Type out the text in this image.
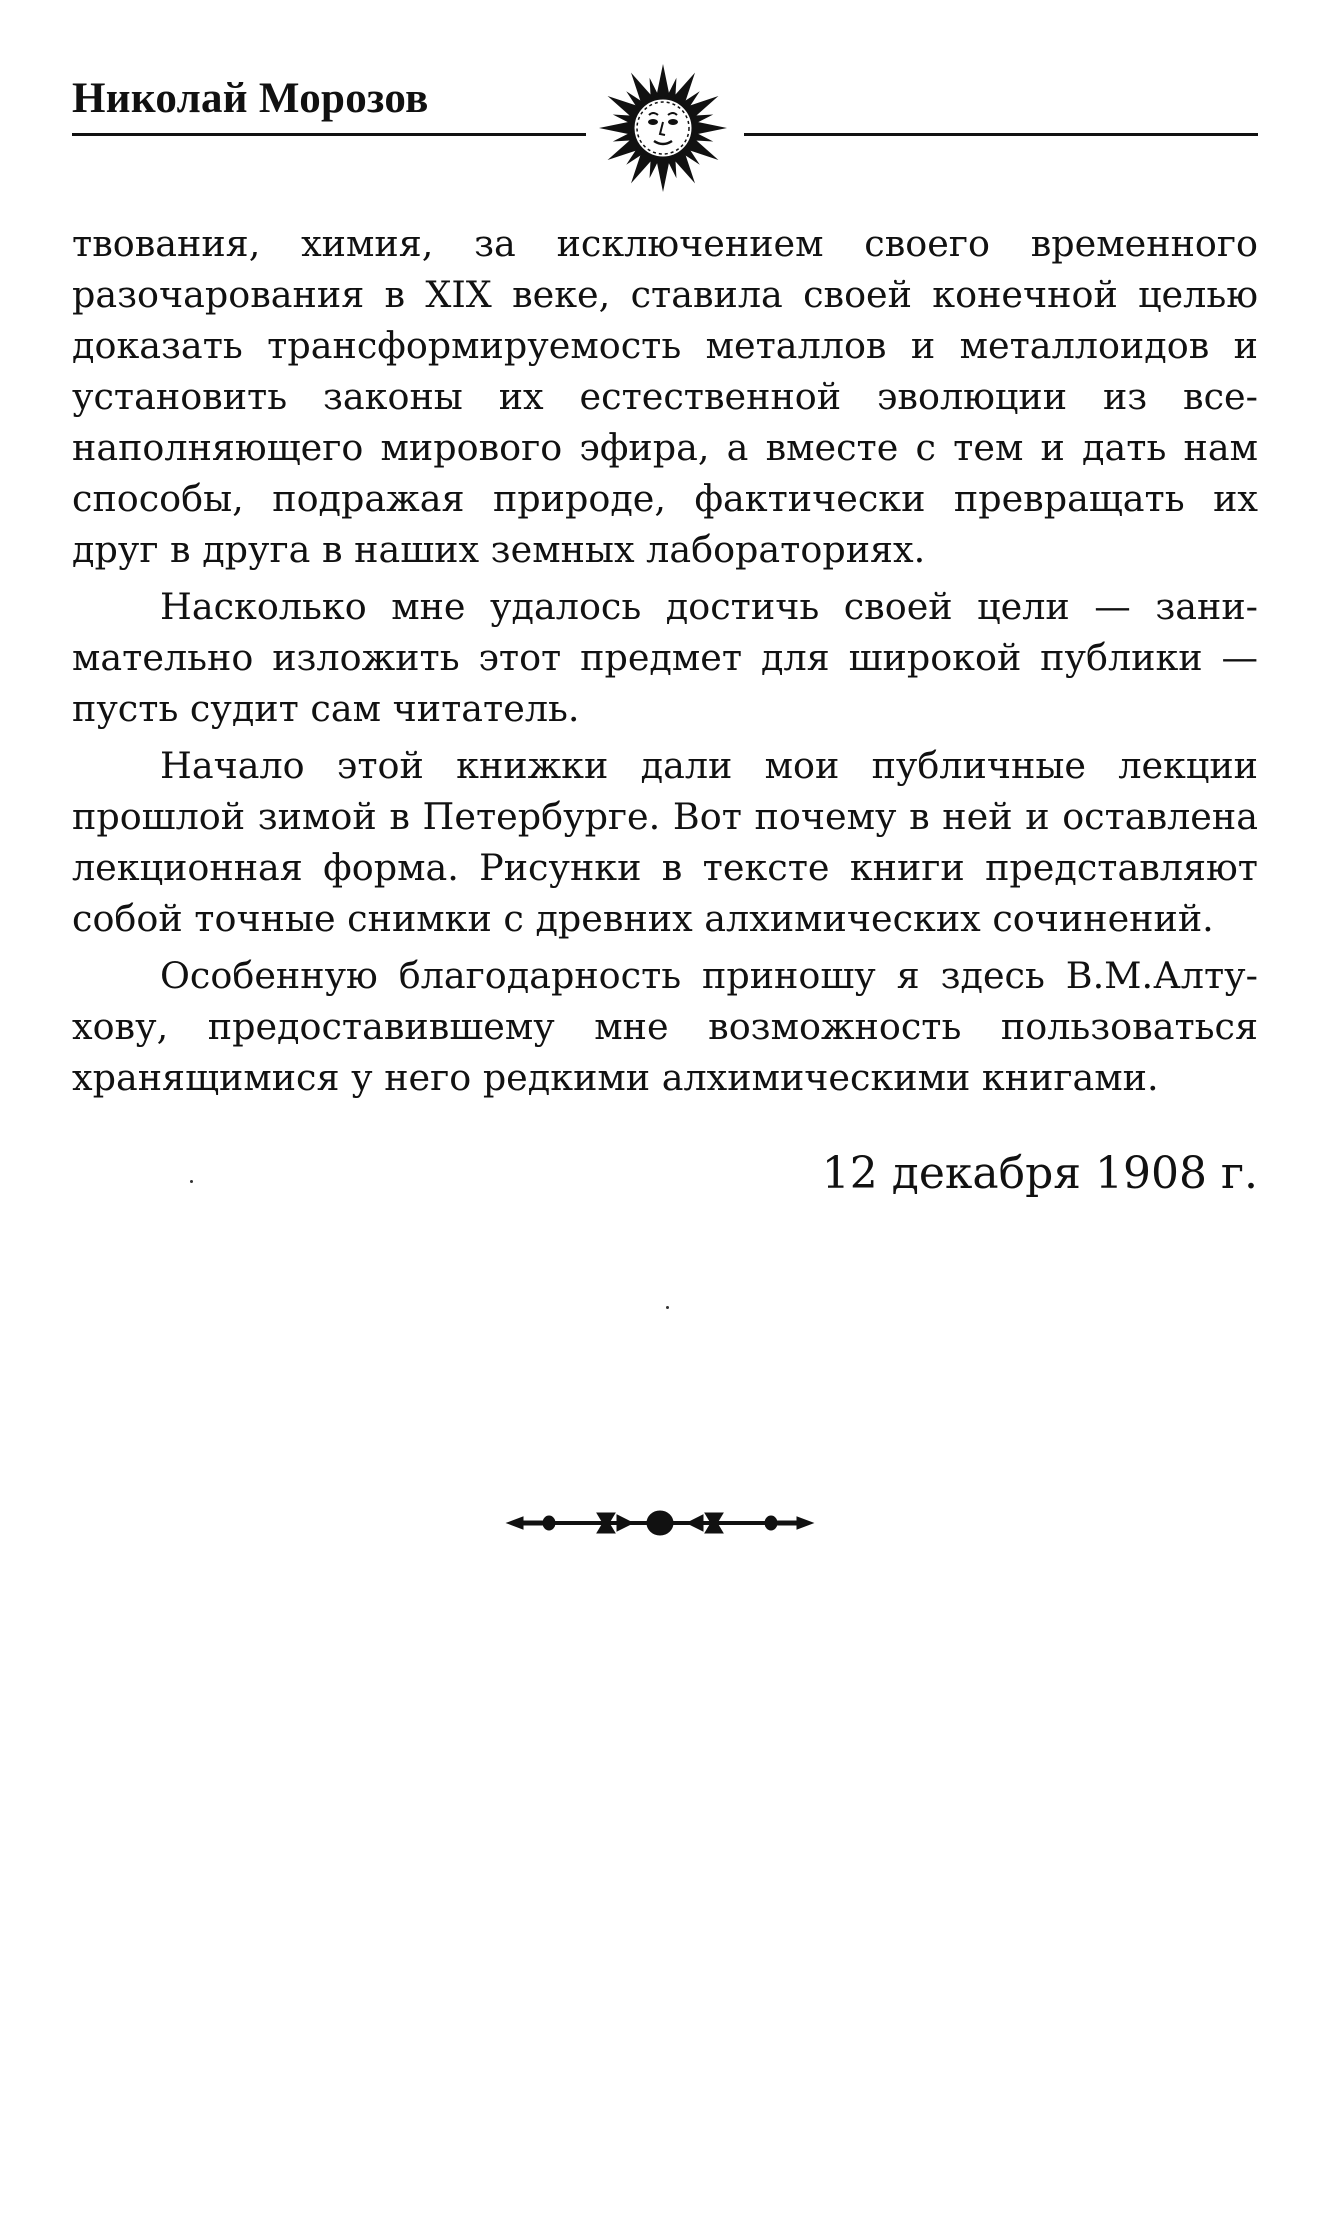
Николай Морозов

твования, химия, за исключением своего временного разочарования в XIX веке, ставила своей конечной целью доказать трансформируемость металлов и металлоидов и установить законы их естественной эволюции из всенаполняющего мирового эфира, а вместе с тем и дать нам способы, подражая природе, фактически превращать их друг в друга в наших земных лабораториях.

Насколько мне удалось достичь своей цели — занимательно изложить этот предмет для широкой публики — пусть судит сам читатель.

Начало этой книжки дали мои публичные лекции прошлой зимой в Петербурге. Вот почему в ней и оставлена лекционная форма. Рисунки в тексте книги представляют собой точные снимки с древних алхимических сочинений.

Особенную благодарность приношу я здесь В.М.Алтухову, предоставившему мне возможность пользоваться хранящимися у него редкими алхимическими книгами.

12 декабря 1908 г.
